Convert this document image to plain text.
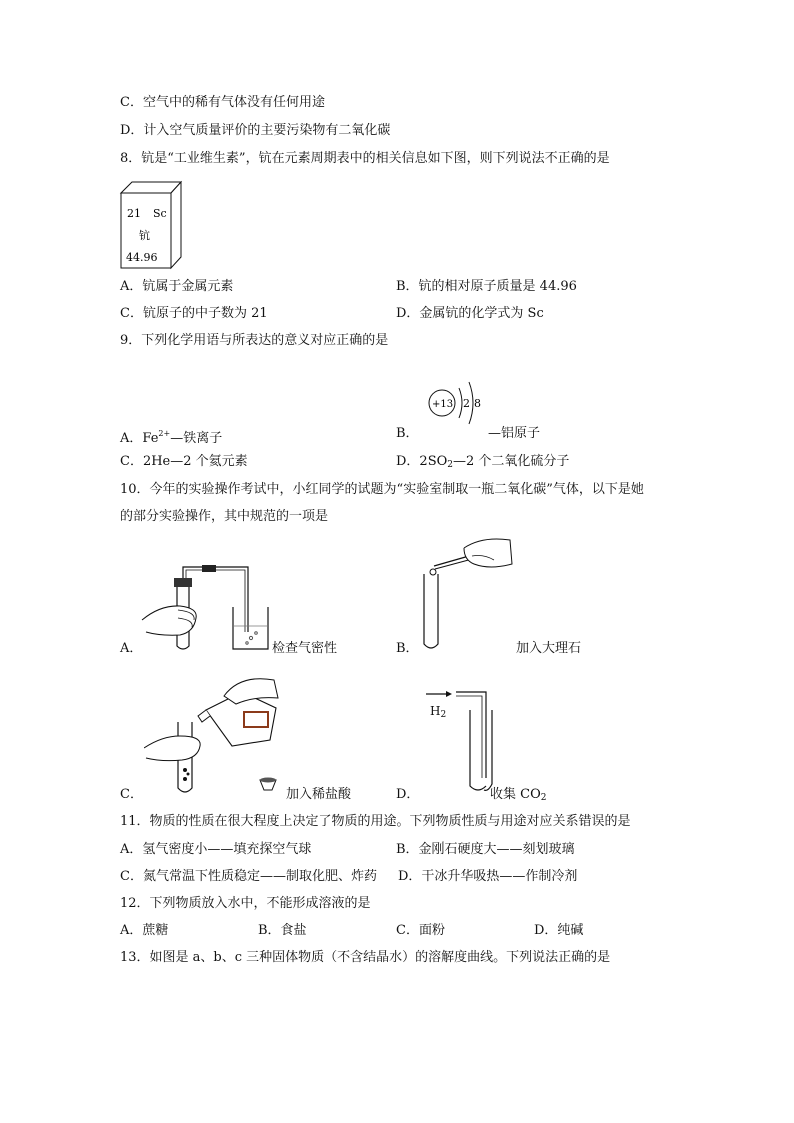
C．空气中的稀有气体没有任何用途
D．计入空气质量评价的主要污染物有二氧化碳
8．钪是“工业维生素”，钪在元素周期表中的相关信息如下图，则下列说法不正确的是
21 Sc
钪
44.96
A．钪属于金属元素	B．钪的相对原子质量是 44.96
C．钪原子的中子数为 21	D．金属钪的化学式为 Sc
9．下列化学用语与所表达的意义对应正确的是
+13 2 8
A．$Fe^{2+}—$铁离子	B．	—铝原子
C．2He—2 个氦元素	D．$2SO_2—2$ 个二氧化硫分子
10．今年的实验操作考试中，小红同学的试题为“实验室制取一瓶二氧化碳”气体，以下是她
的部分实验操作，其中规范的一项是
A．	检查气密性	B．	加入大理石
C．	加入稀盐酸
$H_2$
D．	收集 $CO_2$
11．物质的性质在很大程度上决定了物质的用途。下列物质性质与用途对应关系错误的是
A．氢气密度小——填充探空气球	B．金刚石硬度大——刻划玻璃
C．氮气常温下性质稳定——制取化肥、炸药 D．干冰升华吸热——作制冷剂
12．下列物质放入水中，不能形成溶液的是
A．蔗糖	B．食盐	C．面粉	D．纯碱
13．如图是 a、b、c 三种固体物质（不含结晶水）的溶解度曲线。下列说法正确的是
